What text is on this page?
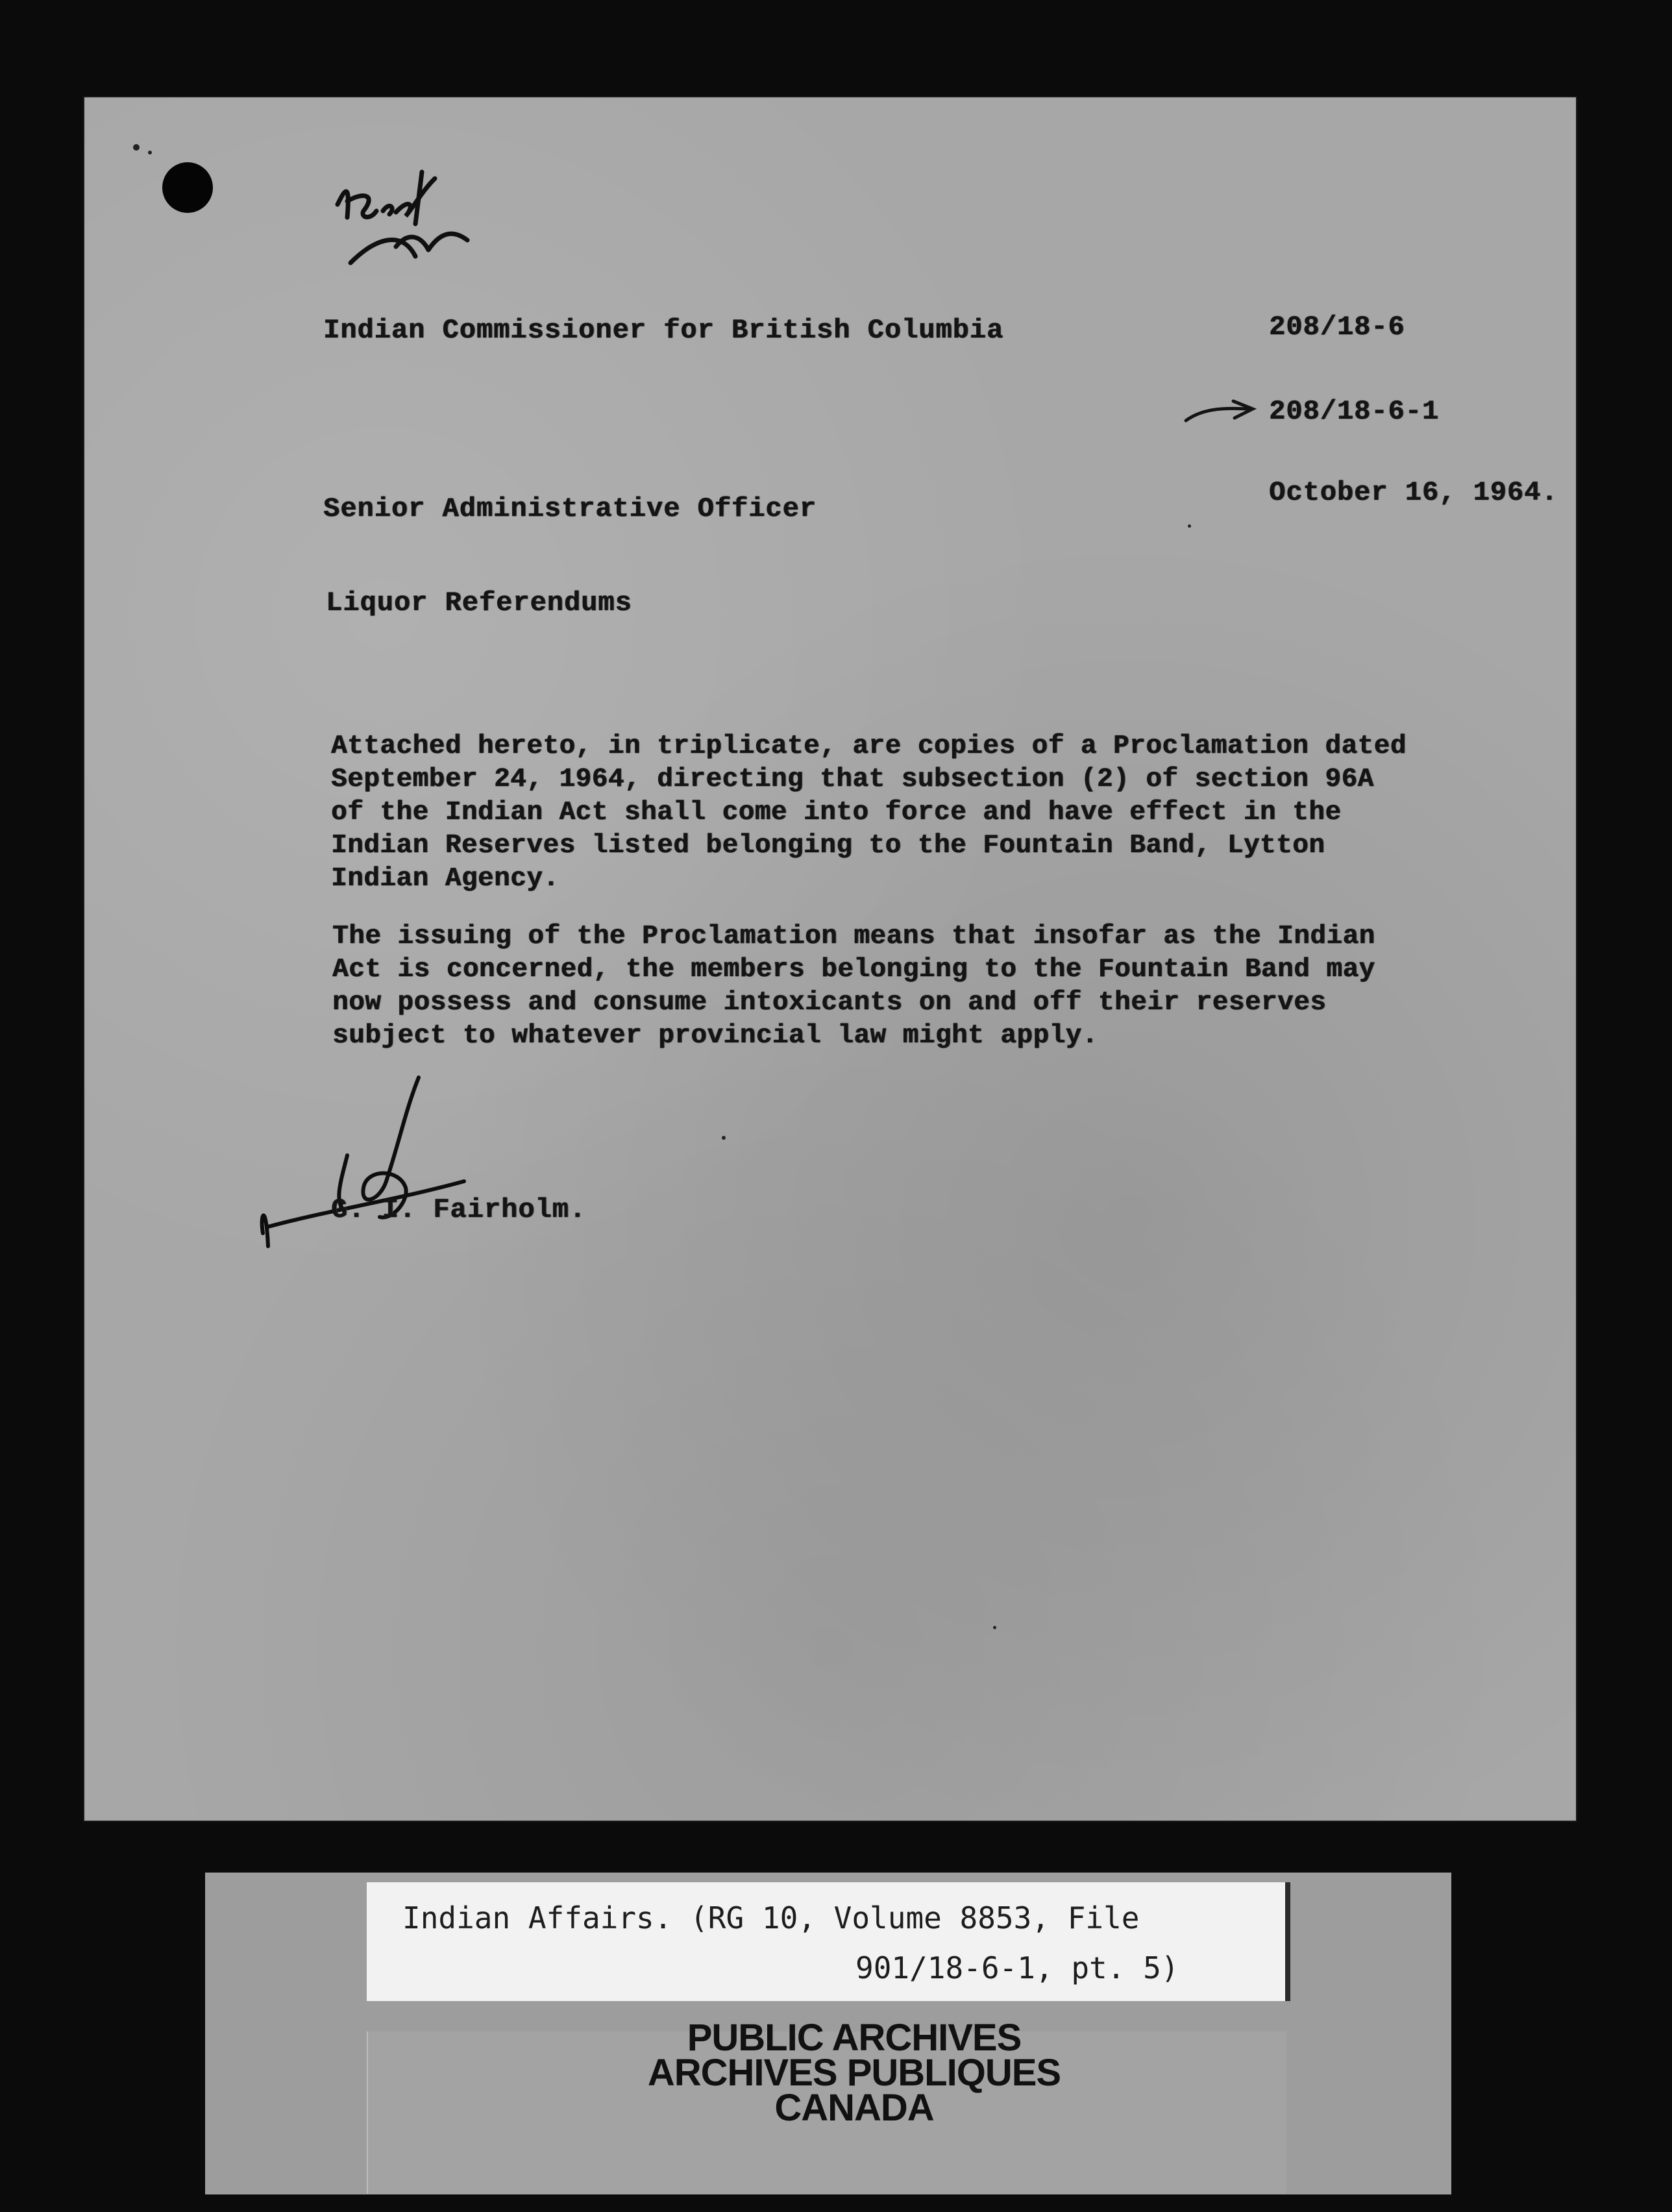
Indian Commissioner for British Columbia	208/18-6
208/18-6-1
Senior Administrative Officer
October 16, 1964.
Liquor Referendums
Attached hereto, in triplicate, are copies of a Proclamation dated
September 24, 1964, directing that subsection (2) of section 96A
of the Indian Act shall come into force and have effect in the
Indian Reserves listed belonging to the Fountain Band, Lytton
Indian Agency.
The issuing of the Proclamation means that insofar as the Indian
Act is concerned, the members belonging to the Fountain Band may
now possess and consume intoxicants on and off their reserves
subject to whatever provincial law might apply.
G. I. Fairholm.
Indian Affairs. (RG 10, Volume 8853, File
901/18-6-1, pt. 5)
PUBLIC ARCHIVES
ARCHIVES PUBLIQUES
CANADA
